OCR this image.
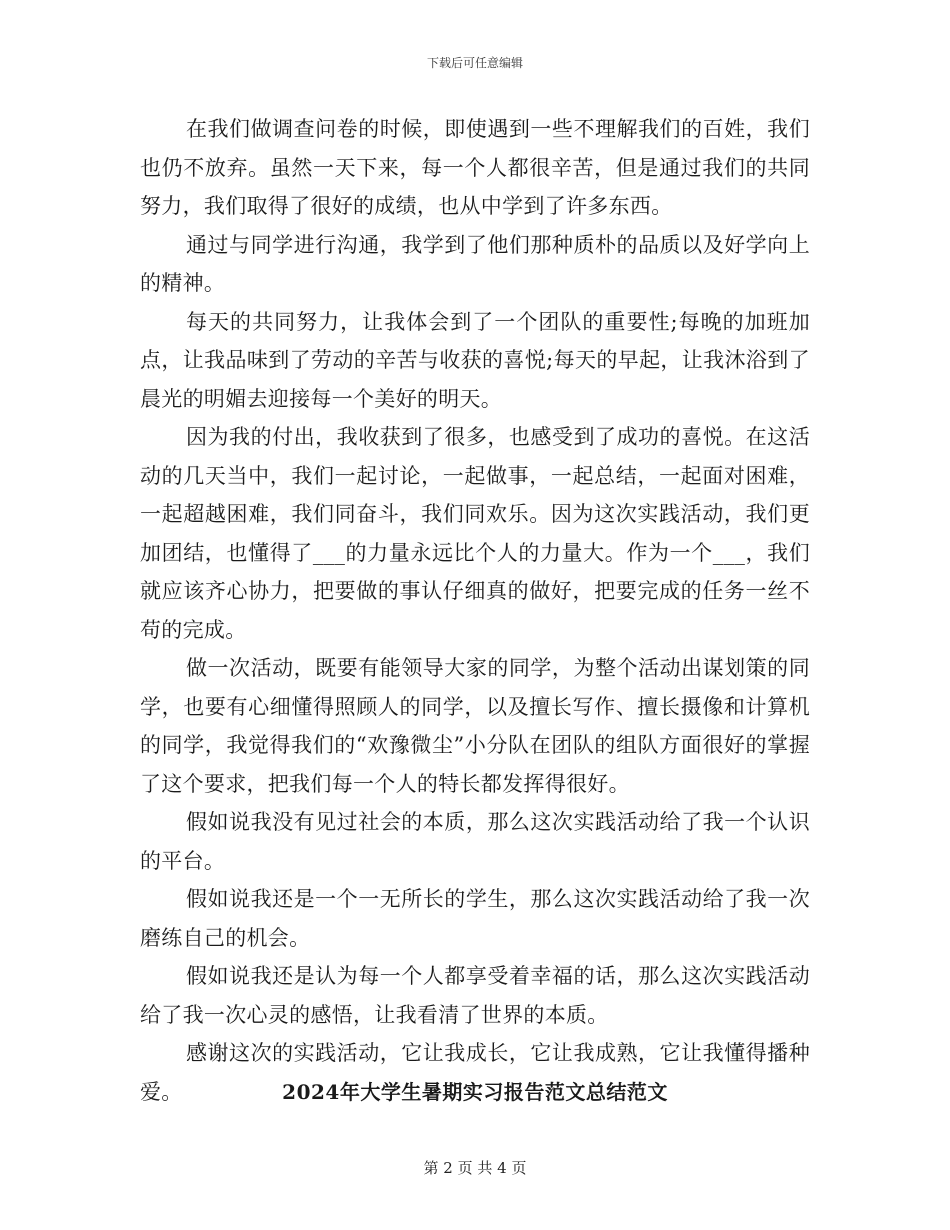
下载后可任意编辑

在我们做调查问卷的时候，即使遇到一些不理解我们的百姓，我们也仍不放弃。虽然一天下来，每一个人都很辛苦，但是通过我们的共同努力，我们取得了很好的成绩，也从中学到了许多东西。

通过与同学进行沟通，我学到了他们那种质朴的品质以及好学向上的精神。

每天的共同努力，让我体会到了一个团队的重要性;每晚的加班加点，让我品味到了劳动的辛苦与收获的喜悦;每天的早起，让我沐浴到了晨光的明媚去迎接每一个美好的明天。

因为我的付出，我收获到了很多，也感受到了成功的喜悦。在这活动的几天当中，我们一起讨论，一起做事，一起总结，一起面对困难，一起超越困难，我们同奋斗，我们同欢乐。因为这次实践活动，我们更加团结，也懂得了___的力量永远比个人的力量大。作为一个___，我们就应该齐心协力，把要做的事认仔细真的做好，把要完成的任务一丝不苟的完成。

做一次活动，既要有能领导大家的同学，为整个活动出谋划策的同学，也要有心细懂得照顾人的同学，以及擅长写作、擅长摄像和计算机的同学，我觉得我们的“欢豫微尘”小分队在团队的组队方面很好的掌握了这个要求，把我们每一个人的特长都发挥得很好。

假如说我没有见过社会的本质，那么这次实践活动给了我一个认识的平台。

假如说我还是一个一无所长的学生，那么这次实践活动给了我一次磨练自己的机会。

假如说我还是认为每一个人都享受着幸福的话，那么这次实践活动给了我一次心灵的感悟，让我看清了世界的本质。

感谢这次的实践活动，它让我成长，它让我成熟，它让我懂得播种爱。	2024年大学生暑期实习报告范文总结范文
第 2 页 共 4 页
